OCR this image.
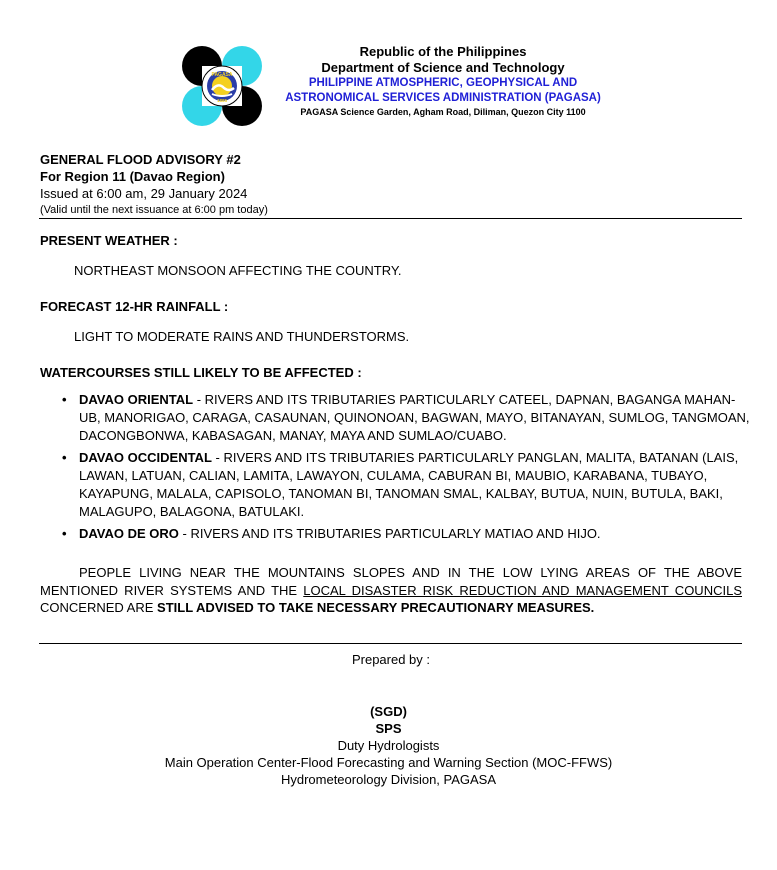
PAGASA
1865
Republic of the Philippines
Department of Science and Technology
PHILIPPINE ATMOSPHERIC, GEOPHYSICAL AND
ASTRONOMICAL SERVICES ADMINISTRATION (PAGASA)
PAGASA Science Garden, Agham Road, Diliman, Quezon City 1100
GENERAL FLOOD ADVISORY #2
For Region 11 (Davao Region)
Issued at 6:00 am, 29 January 2024
(Valid until the next issuance at 6:00 pm today)
PRESENT WEATHER :
NORTHEAST MONSOON AFFECTING THE COUNTRY.
FORECAST 12-HR RAINFALL :
LIGHT TO MODERATE RAINS AND THUNDERSTORMS.
WATERCOURSES STILL LIKELY TO BE AFFECTED :
• DAVAO ORIENTAL - RIVERS AND ITS TRIBUTARIES PARTICULARLY CATEEL, DAPNAN, BAGANGA MAHAN-UB, MANORIGAO, CARAGA, CASAUNAN, QUINONOAN, BAGWAN, MAYO, BITANAYAN, SUMLOG, TANGMOAN, DACONGBONWA, KABASAGAN, MANAY, MAYA AND SUMLAO/CUABO.
• DAVAO OCCIDENTAL - RIVERS AND ITS TRIBUTARIES PARTICULARLY PANGLAN, MALITA, BATANAN (LAIS, LAWAN, LATUAN, CALIAN, LAMITA, LAWAYON, CULAMA, CABURAN BI, MAUBIO, KARABANA, TUBAYO, KAYAPUNG, MALALA, CAPISOLO, TANOMAN BI, TANOMAN SMAL, KALBAY, BUTUA, NUIN, BUTULA, BAKI, MALAGUPO, BALAGONA, BATULAKI.
• DAVAO DE ORO - RIVERS AND ITS TRIBUTARIES PARTICULARLY MATIAO AND HIJO.
PEOPLE LIVING NEAR THE MOUNTAINS SLOPES AND IN THE LOW LYING AREAS OF THE ABOVE MENTIONED RIVER SYSTEMS AND THE LOCAL DISASTER RISK REDUCTION AND MANAGEMENT COUNCILS CONCERNED ARE STILL ADVISED TO TAKE NECESSARY PRECAUTIONARY MEASURES.
Prepared by :
(SGD)
SPS
Duty Hydrologists
Main Operation Center-Flood Forecasting and Warning Section (MOC-FFWS)
Hydrometeorology Division, PAGASA
